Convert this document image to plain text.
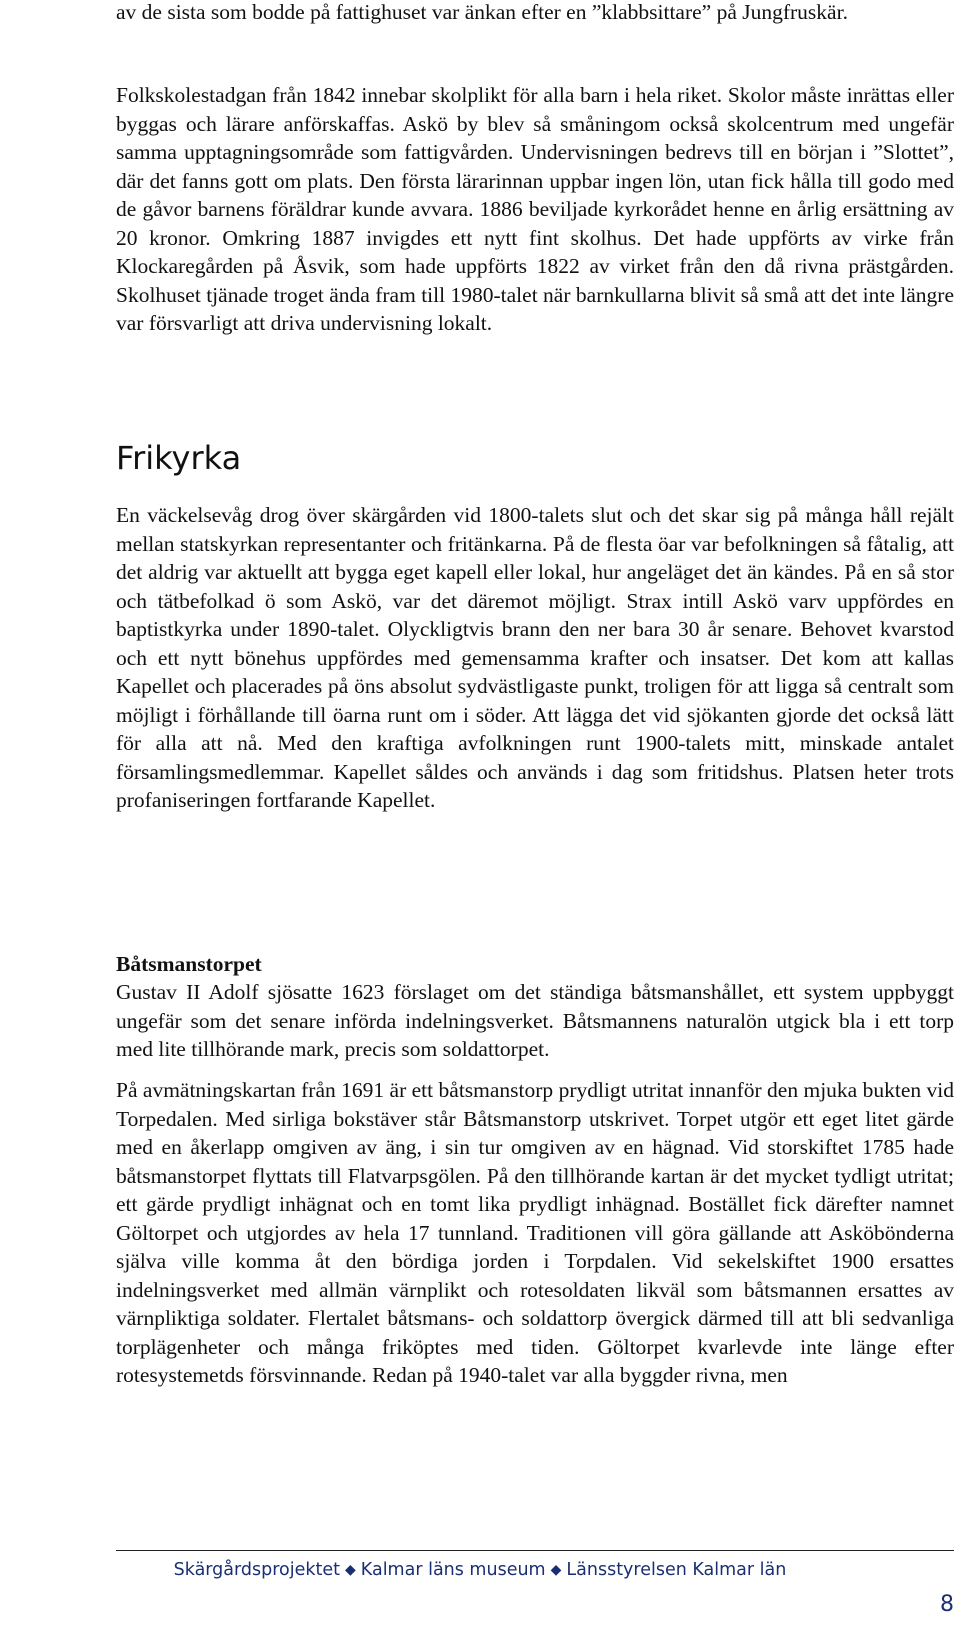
av de sista som bodde på fattighuset var änkan efter en ”klabbsittare” på Jungfruskär.

Folkskolestadgan från 1842 innebar skolplikt för alla barn i hela riket. Skolor måste inrättas eller byggas och lärare anförskaffas. Askö by blev så småningom också skolcentrum med ungefär samma upptagningsområde som fattigvården. Undervisningen bedrevs till en början i ”Slottet”, där det fanns gott om plats. Den första lärarinnan uppbar ingen lön, utan fick hålla till godo med de gåvor barnens föräldrar kunde avvara. 1886 beviljade kyrkorådet henne en årlig ersättning av 20 kronor. Omkring 1887 invigdes ett nytt fint skolhus. Det hade uppförts av virke från Klockaregården på Åsvik, som hade uppförts 1822 av virket från den då rivna prästgården. Skolhuset tjänade troget ända fram till 1980-talet när barnkullarna blivit så små att det inte längre var försvarligt att driva undervisning lokalt.

Frikyrka

En väckelsevåg drog över skärgården vid 1800-talets slut och det skar sig på många håll rejält mellan statskyrkan representanter och fritänkarna. På de flesta öar var befolkningen så fåtalig, att det aldrig var aktuellt att bygga eget kapell eller lokal, hur angeläget det än kändes. På en så stor och tätbefolkad ö som Askö, var det däremot möjligt. Strax intill Askö varv uppfördes en baptistkyrka under 1890-talet. Olyckligtvis brann den ner bara 30 år senare. Behovet kvarstod och ett nytt bönehus uppfördes med gemensamma krafter och insatser. Det kom att kallas Kapellet och placerades på öns absolut sydvästligaste punkt, troligen för att ligga så centralt som möjligt i förhållande till öarna runt om i söder. Att lägga det vid sjökanten gjorde det också lätt för alla att nå. Med den kraftiga avfolkningen runt 1900-talets mitt, minskade antalet församlingsmedlemmar. Kapellet såldes och används i dag som fritidshus. Platsen heter trots profaniseringen fortfarande Kapellet.

Båtsmanstorpet

Gustav II Adolf sjösatte 1623 förslaget om det ständiga båtsmanshållet, ett system uppbyggt ungefär som det senare införda indelningsverket. Båtsmannens naturalön utgick bla i ett torp med lite tillhörande mark, precis som soldattorpet.

På avmätningskartan från 1691 är ett båtsmanstorp prydligt utritat innanför den mjuka bukten vid Torpedalen. Med sirliga bokstäver står Båtsmanstorp utskrivet. Torpet utgör ett eget litet gärde med en åkerlapp omgiven av äng, i sin tur omgiven av en hägnad. Vid storskiftet 1785 hade båtsmanstorpet flyttats till Flatvarpsgölen. På den tillhörande kartan är det mycket tydligt utritat; ett gärde prydligt inhägnat och en tomt lika prydligt inhägnad. Bostället fick därefter namnet Göltorpet och utgjordes av hela 17 tunnland. Traditionen vill göra gällande att Asköbönderna själva ville komma åt den bördiga jorden i Torpdalen. Vid sekelskiftet 1900 ersattes indelningsverket med allmän värnplikt och rotesoldaten likväl som båtsmannen ersattes av värnpliktiga soldater. Flertalet båtsmans- och soldattorp övergick därmed till att bli sedvanliga torplägenheter och många friköptes med tiden. Göltorpet kvarlevde inte länge efter rotesystemetds försvinnande. Redan på 1940-talet var alla byggder rivna, men

Skärgårdsprojektet ◆ Kalmar läns museum ◆ Länsstyrelsen Kalmar län
8
